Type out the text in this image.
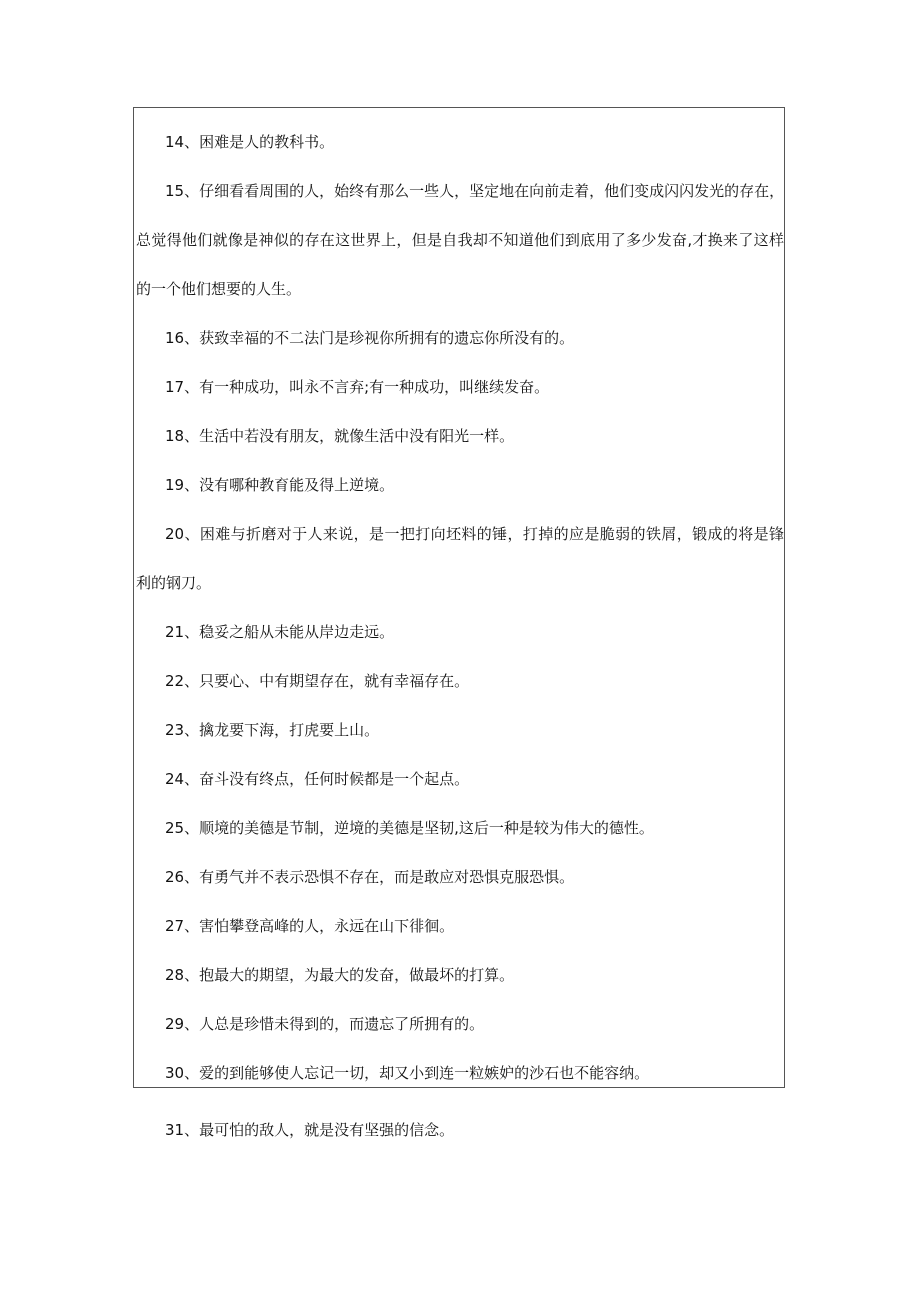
14、困难是人的教科书。
15、仔细看看周围的人，始终有那么一些人，坚定地在向前走着，他们变成闪闪发光的存在，
总觉得他们就像是神似的存在这世界上，但是自我却不知道他们到底用了多少发奋,才换来了这样
的一个他们想要的人生。
16、获致幸福的不二法门是珍视你所拥有的遗忘你所没有的。
17、有一种成功，叫永不言弃;有一种成功，叫继续发奋。
18、生活中若没有朋友，就像生活中没有阳光一样。
19、没有哪种教育能及得上逆境。
20、困难与折磨对于人来说，是一把打向坯料的锤，打掉的应是脆弱的铁屑，锻成的将是锋
利的钢刀。
21、稳妥之船从未能从岸边走远。
22、只要心、中有期望存在，就有幸福存在。
23、擒龙要下海，打虎要上山。
24、奋斗没有终点，任何时候都是一个起点。
25、顺境的美德是节制，逆境的美德是坚韧,这后一种是较为伟大的德性。
26、有勇气并不表示恐惧不存在，而是敢应对恐惧克服恐惧。
27、害怕攀登高峰的人，永远在山下徘徊。
28、抱最大的期望，为最大的发奋，做最坏的打算。
29、人总是珍惜未得到的，而遗忘了所拥有的。
30、爱的到能够使人忘记一切，却又小到连一粒嫉妒的沙石也不能容纳。
31、最可怕的敌人，就是没有坚强的信念。
